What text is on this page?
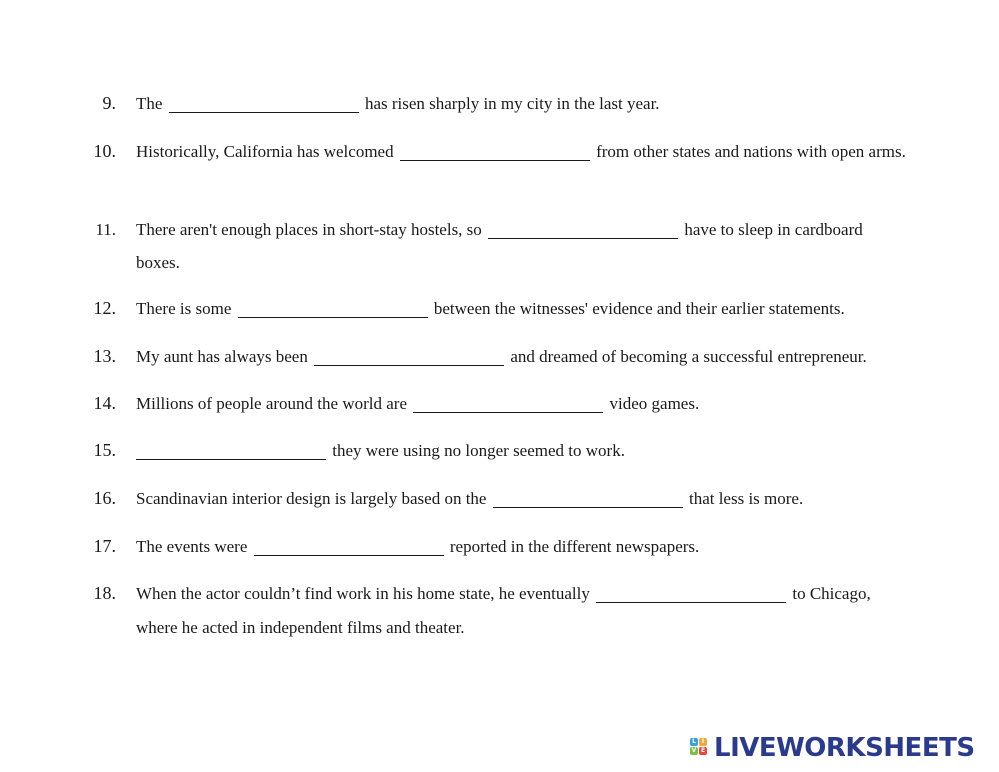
9. The	has risen sharply in my city in the last year.
10. Historically, California has welcomed	from other states and nations with open arms.
11. There aren't enough places in short-stay hostels, so	have to sleep in cardboard
boxes.
12. There is some	between the witnesses' evidence and their earlier statements.
13. My aunt has always been	and dreamed of becoming a successful entrepreneur.
14. Millions of people around the world are	video games.
15.	they were using no longer seemed to work.
16. Scandinavian interior design is largely based on the	that less is more.
17. The events were	reported in the different newspapers.
18. When the actor couldn’t find work in his home state, he eventually	to Chicago,
where he acted in independent films and theater.
L I
V E LIVEWORKSHEETS
